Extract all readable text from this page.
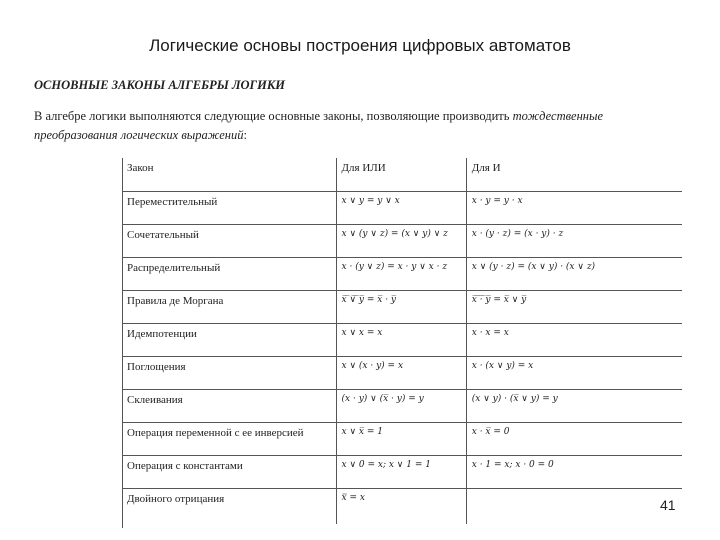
Логические основы построения цифровых автоматов
ОСНОВНЫЕ ЗАКОНЫ АЛГЕБРЫ ЛОГИКИ
В алгебре логики выполняются следующие основные законы, позволяющие производить тождественные преобразования логических выражений:
Закон	Для ИЛИ	Для И
Переместительный	x ∨ y = y ∨ x	x · y = y · x
Сочетательный	x ∨ (y ∨ z) = (x ∨ y) ∨ z	x · (y · z) = (x · y) · z
Распределительный	x · (y ∨ z) = x · y ∨ x · z	x ∨ (y · z) = (x ∨ y) · (x ∨ z)
Правила де Моргана	x̅ ̅∨̅ ̅y̅ = x̅ · y̅	x̅ ̅·̅ ̅y̅ = x̅ ∨ y̅
Идемпотенции	x ∨ x = x	x · x = x
Поглощения	x ∨ (x · y) = x	x · (x ∨ y) = x
Склеивания	(x · y) ∨ (x̅ · y) = y	(x ∨ y) · (x̅ ∨ y) = y
Операция переменной с ее инверсией	x ∨ x̅ = 1	x · x̅ = 0
Операция с константами	x ∨ 0 = x; x ∨ 1 = 1	x · 1 = x; x · 0 = 0
Двойного отрицания	x̿ = x		41
